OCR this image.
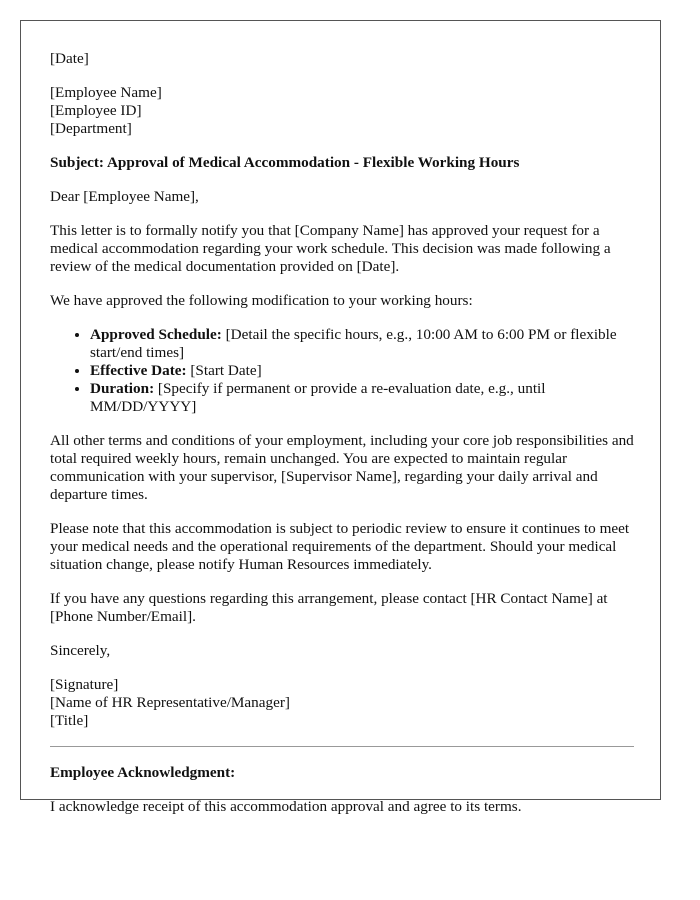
[Date]

[Employee Name]

[Employee ID]

[Department]

Subject: Approval of Medical Accommodation - Flexible Working Hours

Dear [Employee Name],

This letter is to formally notify you that [Company Name] has approved your request for a medical accommodation regarding your work schedule. This decision was made following a review of the medical documentation provided on [Date].

We have approved the following modification to your working hours:

• Approved Schedule: [Detail the specific hours, e.g., 10:00 AM to 6:00 PM or flexible start/end times]
• Effective Date: [Start Date]
• Duration: [Specify if permanent or provide a re-evaluation date, e.g., until MM/DD/YYYY]

All other terms and conditions of your employment, including your core job responsibilities and total required weekly hours, remain unchanged. You are expected to maintain regular communication with your supervisor, [Supervisor Name], regarding your daily arrival and departure times.

Please note that this accommodation is subject to periodic review to ensure it continues to meet your medical needs and the operational requirements of the department. Should your medical situation change, please notify Human Resources immediately.

If you have any questions regarding this arrangement, please contact [HR Contact Name] at [Phone Number/Email].

Sincerely,

[Signature]

[Name of HR Representative/Manager]

[Title]

Employee Acknowledgment:

I acknowledge receipt of this accommodation approval and agree to its terms.
